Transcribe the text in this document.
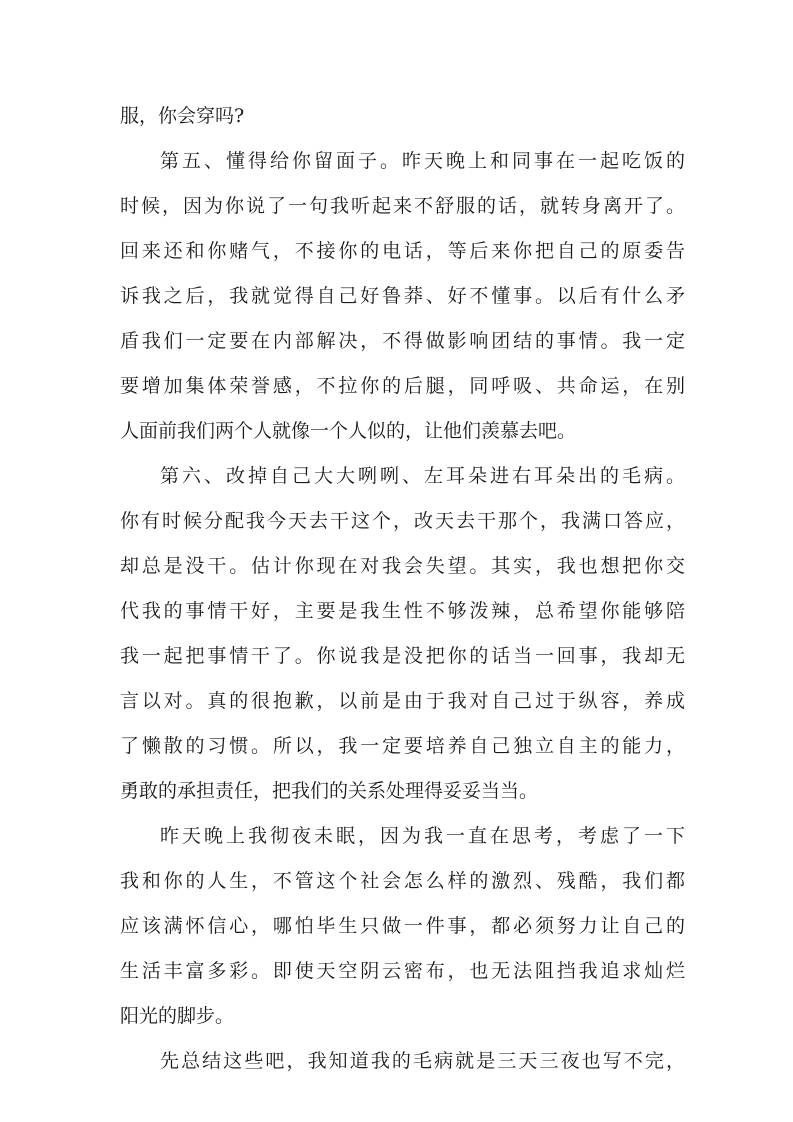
服，你会穿吗?
第五、懂得给你留面子。昨天晚上和同事在一起吃饭的
时候，因为你说了一句我听起来不舒服的话，就转身离开了。
回来还和你赌气，不接你的电话，等后来你把自己的原委告
诉我之后，我就觉得自己好鲁莽、好不懂事。以后有什么矛
盾我们一定要在内部解决，不得做影响团结的事情。我一定
要增加集体荣誉感，不拉你的后腿，同呼吸、共命运，在别
人面前我们两个人就像一个人似的，让他们羡慕去吧。
第六、改掉自己大大咧咧、左耳朵进右耳朵出的毛病。
你有时候分配我今天去干这个，改天去干那个，我满口答应，
却总是没干。估计你现在对我会失望。其实，我也想把你交
代我的事情干好，主要是我生性不够泼辣，总希望你能够陪
我一起把事情干了。你说我是没把你的话当一回事，我却无
言以对。真的很抱歉，以前是由于我对自己过于纵容，养成
了懒散的习惯。所以，我一定要培养自己独立自主的能力，
勇敢的承担责任，把我们的关系处理得妥妥当当。
昨天晚上我彻夜未眠，因为我一直在思考，考虑了一下
我和你的人生，不管这个社会怎么样的激烈、残酷，我们都
应该满怀信心，哪怕毕生只做一件事，都必须努力让自己的
生活丰富多彩。即使天空阴云密布，也无法阻挡我追求灿烂
阳光的脚步。
先总结这些吧，我知道我的毛病就是三天三夜也写不完，
